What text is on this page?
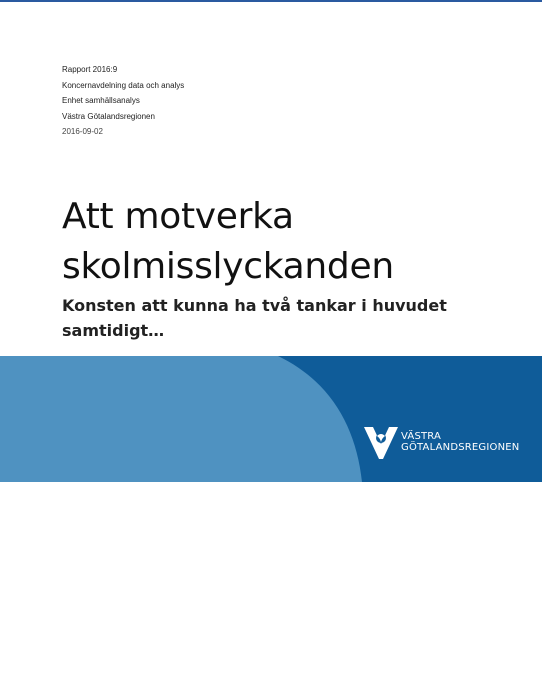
Rapport 2016:9
Koncernavdelning data och analys
Enhet samhällsanalys
Västra Götalandsregionen
2016-09-02
Att motverka
skolmisslyckanden
Konsten att kunna ha två tankar i huvudet
samtidigt…
VÄSTRA
GÖTALANDSREGIONEN
